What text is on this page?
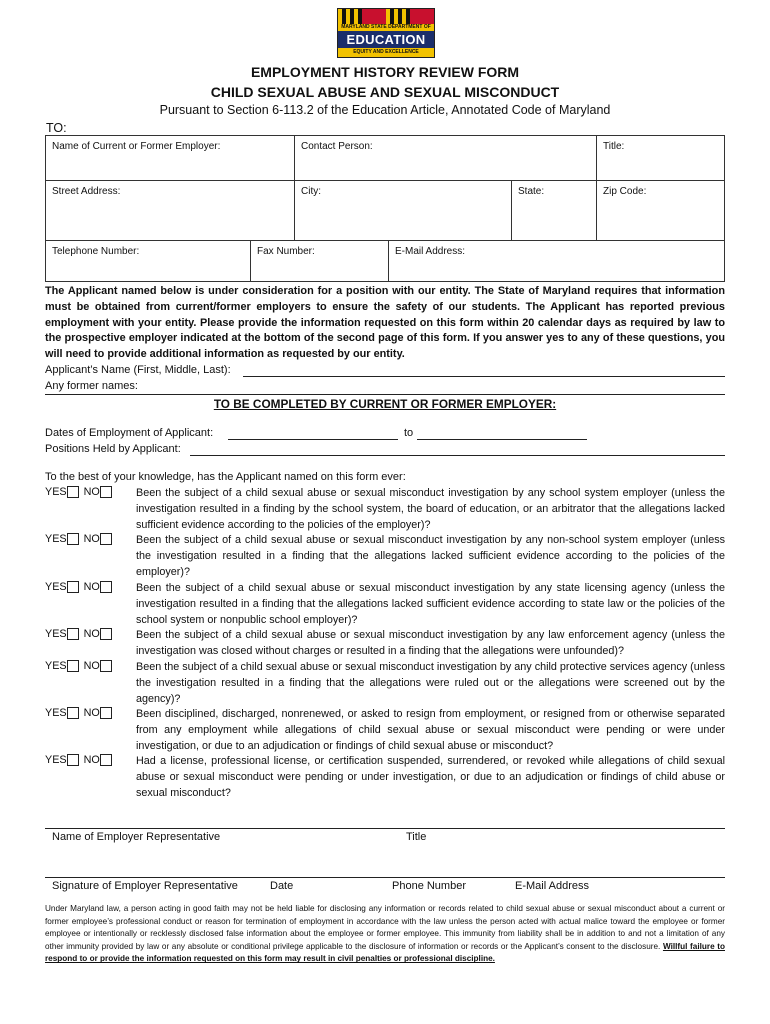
MARYLAND STATE DEPARTMENT OF
EDUCATION
EQUITY AND EXCELLENCE
EMPLOYMENT HISTORY REVIEW FORM
CHILD SEXUAL ABUSE AND SEXUAL MISCONDUCT
Pursuant to Section 6-113.2 of the Education Article, Annotated Code of Maryland
TO:
Name of Current or Former Employer:	Contact Person:	Title:
Street Address:	City:	State:	Zip Code:
Telephone Number:	Fax Number:	E-Mail Address:
The Applicant named below is under consideration for a position with our entity. The State of Maryland requires that information must be obtained from current/former employers to ensure the safety of our students. The Applicant has reported previous employment with your entity. Please provide the information requested on this form within 20 calendar days as required by law to the prospective employer indicated at the bottom of the second page of this form. If you answer yes to any of these questions, you will need to provide additional information as requested by our entity.
Applicant’s Name (First, Middle, Last):
Any former names:
TO BE COMPLETED BY CURRENT OR FORMER EMPLOYER:
Dates of Employment of Applicant:	to
Positions Held by Applicant:
To the best of your knowledge, has the Applicant named on this form ever:
YES NO	Been the subject of a child sexual abuse or sexual misconduct investigation by any school system employer (unless the investigation resulted in a finding by the school system, the board of education, or an arbitrator that the allegations lacked sufficient evidence according to the policies of the employer)?
YES NO	Been the subject of a child sexual abuse or sexual misconduct investigation by any non-school system employer (unless the investigation resulted in a finding that the allegations lacked sufficient evidence according to the policies of the employer)?
YES NO	Been the subject of a child sexual abuse or sexual misconduct investigation by any state licensing agency (unless the investigation resulted in a finding that the allegations lacked sufficient evidence according to state law or the policies of the school system or nonpublic school employer)?
YES NO	Been the subject of a child sexual abuse or sexual misconduct investigation by any law enforcement agency (unless the investigation was closed without charges or resulted in a finding that the allegations were unfounded)?
YES NO	Been the subject of a child sexual abuse or sexual misconduct investigation by any child protective services agency (unless the investigation resulted in a finding that the allegations were ruled out or the allegations were screened out by the agency)?
YES NO	Been disciplined, discharged, nonrenewed, or asked to resign from employment, or resigned from or otherwise separated from any employment while allegations of child sexual abuse or sexual misconduct were pending or were under investigation, or due to an adjudication or findings of child sexual abuse or misconduct?
YES NO	Had a license, professional license, or certification suspended, surrendered, or revoked while allegations of child sexual abuse or sexual misconduct were pending or under investigation, or due to an adjudication or findings of child abuse or sexual misconduct?
Name of Employer Representative	Title
Signature of Employer Representative	Date	Phone Number	E-Mail Address
Under Maryland law, a person acting in good faith may not be held liable for disclosing any information or records related to child sexual abuse or sexual misconduct about a current or former employee’s professional conduct or reason for termination of employment in accordance with the law unless the person acted with actual malice toward the employee or former employee or intentionally or recklessly disclosed false information about the employee or former employee. This immunity from liability shall be in addition to and not a limitation of any other immunity provided by law or any absolute or conditional privilege applicable to the disclosure of information or records or the Applicant’s consent to the disclosure. Willful failure to respond to or provide the information requested on this form may result in civil penalties or professional discipline.
